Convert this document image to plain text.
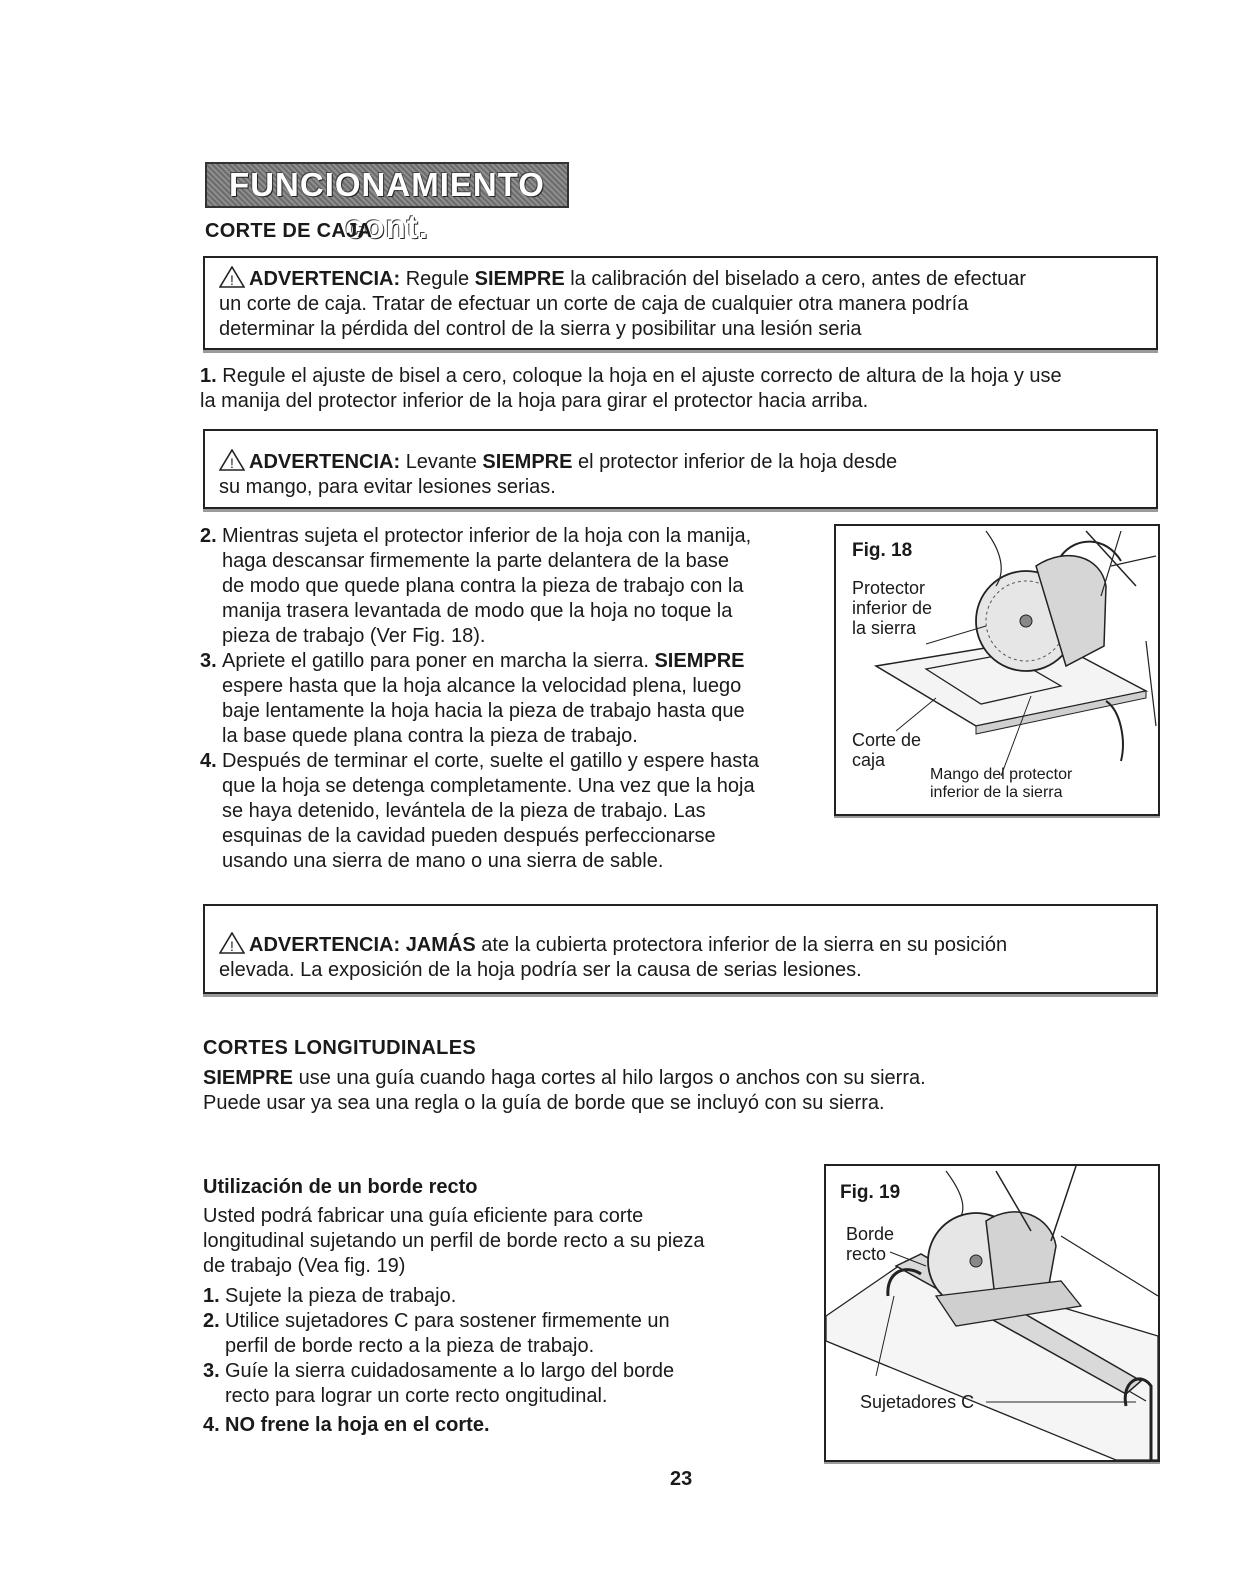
FUNCIONAMIENTO cont.
CORTE DE CAJA
! ADVERTENCIA: Regule SIEMPRE la calibración del biselado a cero, antes de efectuar
un corte de caja. Tratar de efectuar un corte de caja de cualquier otra manera podría
determinar la pérdida del control de la sierra y posibilitar una lesión seria
1. Regule el ajuste de bisel a cero, coloque la hoja en el ajuste correcto de altura de la hoja y use
la manija del protector inferior de la hoja para girar el protector hacia arriba.
! ADVERTENCIA: Levante SIEMPRE el protector inferior de la hoja desde
su mango, para evitar lesiones serias.
2. Mientras sujeta el protector inferior de la hoja con la manija,
haga descansar firmemente la parte delantera de la base
de modo que quede plana contra la pieza de trabajo con la
manija trasera levantada de modo que la hoja no toque la
pieza de trabajo (Ver Fig. 18).
3. Apriete el gatillo para poner en marcha la sierra. SIEMPRE
espere hasta que la hoja alcance la velocidad plena, luego
baje lentamente la hoja hacia la pieza de trabajo hasta que
la base quede plana contra la pieza de trabajo.
4. Después de terminar el corte, suelte el gatillo y espere hasta
que la hoja se detenga completamente. Una vez que la hoja
se haya detenido, levántela de la pieza de trabajo. Las
esquinas de la cavidad pueden después perfeccionarse
usando una sierra de mano o una sierra de sable.
Fig. 18
Protector
inferior de
la sierra
Corte de
caja
Mango del protector
inferior de la sierra
! ADVERTENCIA: JAMÁS ate la cubierta protectora inferior de la sierra en su posición
elevada. La exposición de la hoja podría ser la causa de serias lesiones.
CORTES LONGITUDINALES
SIEMPRE use una guía cuando haga cortes al hilo largos o anchos con su sierra.
Puede usar ya sea una regla o la guía de borde que se incluyó con su sierra.
Utilización de un borde recto
Usted podrá fabricar una guía eficiente para corte
longitudinal sujetando un perfil de borde recto a su pieza
de trabajo (Vea fig. 19)
1. Sujete la pieza de trabajo.
2. Utilice sujetadores C para sostener firmemente un
perfil de borde recto a la pieza de trabajo.
3. Guíe la sierra cuidadosamente a lo largo del borde
recto para lograr un corte recto ongitudinal.
4. NO frene la hoja en el corte.
Fig. 19
Borde
recto
Sujetadores C
23
